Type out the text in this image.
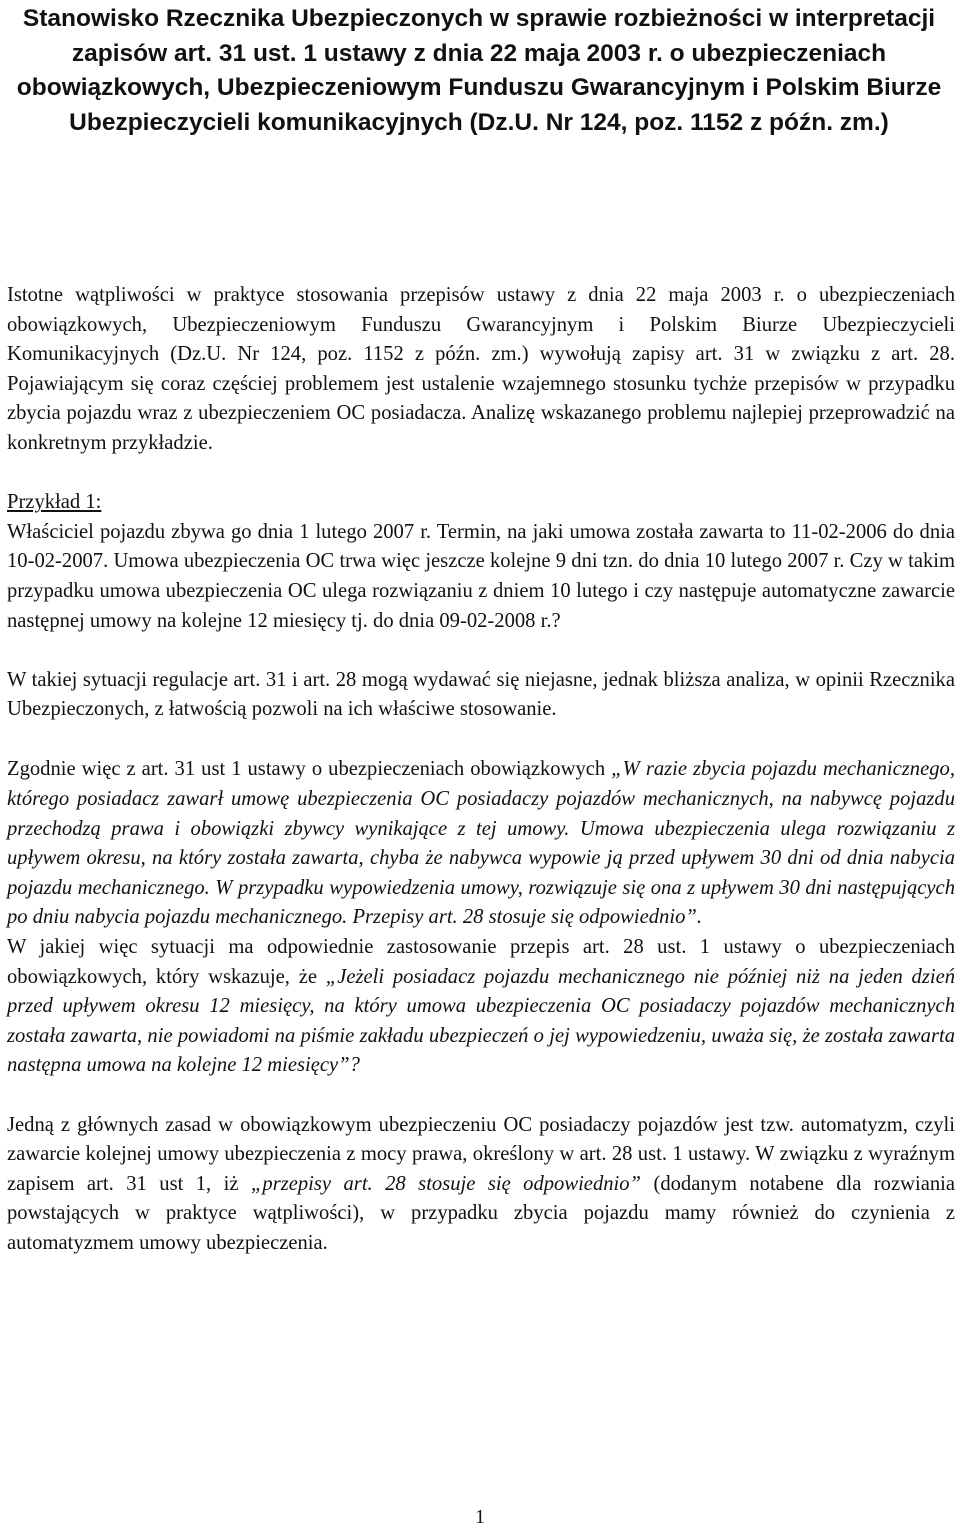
Stanowisko Rzecznika Ubezpieczonych w sprawie rozbieżności w interpretacji zapisów art. 31 ust. 1 ustawy z dnia 22 maja 2003 r. o ubezpieczeniach obowiązkowych, Ubezpieczeniowym Funduszu Gwarancyjnym i Polskim Biurze Ubezpieczycieli komunikacyjnych (Dz.U. Nr 124, poz. 1152 z późn. zm.)

Istotne wątpliwości w praktyce stosowania przepisów ustawy z dnia 22 maja 2003 r. o ubezpieczeniach obowiązkowych, Ubezpieczeniowym Funduszu Gwarancyjnym i Polskim Biurze Ubezpieczycieli Komunikacyjnych (Dz.U. Nr 124, poz. 1152 z późn. zm.) wywołują zapisy art. 31 w związku z art. 28. Pojawiającym się coraz częściej problemem jest ustalenie wzajemnego stosunku tychże przepisów w przypadku zbycia pojazdu wraz z ubezpieczeniem OC posiadacza. Analizę wskazanego problemu najlepiej przeprowadzić na konkretnym przykładzie.

Przykład 1:

Właściciel pojazdu zbywa go dnia 1 lutego 2007 r. Termin, na jaki umowa została zawarta to 11-02-2006 do dnia 10-02-2007. Umowa ubezpieczenia OC trwa więc jeszcze kolejne 9 dni tzn. do dnia 10 lutego 2007 r. Czy w takim przypadku umowa ubezpieczenia OC ulega rozwiązaniu z dniem 10 lutego i czy następuje automatyczne zawarcie następnej umowy na kolejne 12 miesięcy tj. do dnia 09-02-2008 r.?

W takiej sytuacji regulacje art. 31 i art. 28 mogą wydawać się niejasne, jednak bliższa analiza, w opinii Rzecznika Ubezpieczonych, z łatwością pozwoli na ich właściwe stosowanie.

Zgodnie więc z art. 31 ust 1 ustawy o ubezpieczeniach obowiązkowych „W razie zbycia pojazdu mechanicznego, którego posiadacz zawarł umowę ubezpieczenia OC posiadaczy pojazdów mechanicznych, na nabywcę pojazdu przechodzą prawa i obowiązki zbywcy wynikające z tej umowy. Umowa ubezpieczenia ulega rozwiązaniu z upływem okresu, na który została zawarta, chyba że nabywca wypowie ją przed upływem 30 dni od dnia nabycia pojazdu mechanicznego. W przypadku wypowiedzenia umowy, rozwiązuje się ona z upływem 30 dni następujących po dniu nabycia pojazdu mechanicznego. Przepisy art. 28 stosuje się odpowiednio”.

W jakiej więc sytuacji ma odpowiednie zastosowanie przepis art. 28 ust. 1 ustawy o ubezpieczeniach obowiązkowych, który wskazuje, że „Jeżeli posiadacz pojazdu mechanicznego nie później niż na jeden dzień przed upływem okresu 12 miesięcy, na który umowa ubezpieczenia OC posiadaczy pojazdów mechanicznych została zawarta, nie powiadomi na piśmie zakładu ubezpieczeń o jej wypowiedzeniu, uważa się, że została zawarta następna umowa na kolejne 12 miesięcy”?

Jedną z głównych zasad w obowiązkowym ubezpieczeniu OC posiadaczy pojazdów jest tzw. automatyzm, czyli zawarcie kolejnej umowy ubezpieczenia z mocy prawa, określony w art. 28 ust. 1 ustawy. W związku z wyraźnym zapisem art. 31 ust 1, iż „przepisy art. 28 stosuje się odpowiednio” (dodanym notabene dla rozwiania powstających w praktyce wątpliwości), w przypadku zbycia pojazdu mamy również do czynienia z automatyzmem umowy ubezpieczenia.

1
